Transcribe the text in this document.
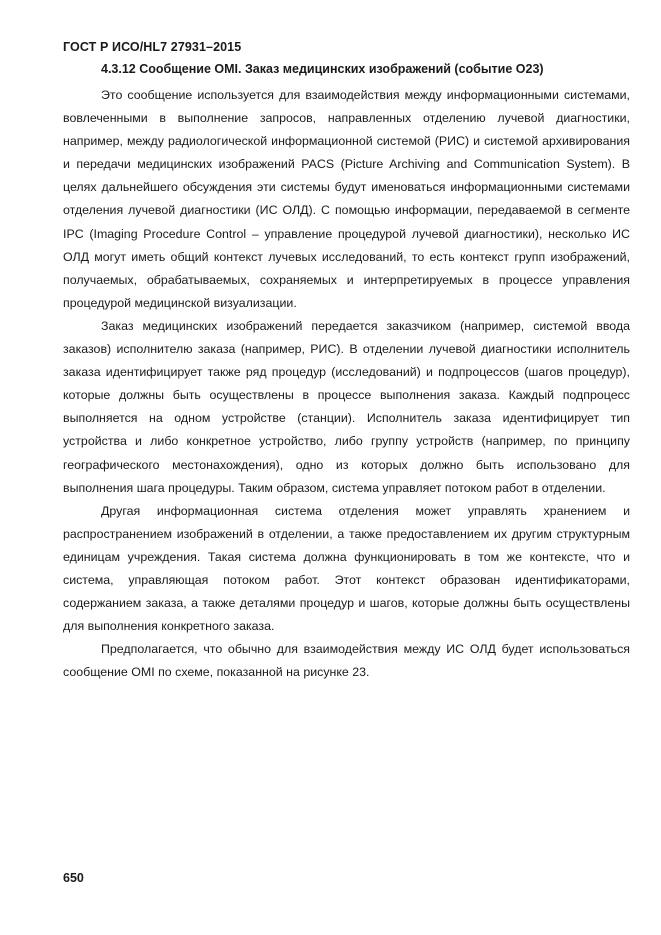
ГОСТ Р ИСО/HL7 27931–2015
4.3.12 Сообщение OMI. Заказ медицинских изображений (событие O23)

Это сообщение используется для взаимодействия между информационными системами, вовлеченными в выполнение запросов, направленных отделению лучевой диагностики, например, между радиологической информационной системой (РИС) и системой архивирования и передачи медицинских изображений PACS (Picture Archiving and Communication System). В целях дальнейшего обсуждения эти системы будут именоваться информационными системами отделения лучевой диагностики (ИС ОЛД). С помощью информации, передаваемой в сегменте IPC (Imaging Procedure Control – управление процедурой лучевой диагностики), несколько ИС ОЛД могут иметь общий контекст лучевых исследований, то есть контекст групп изображений, получаемых, обрабатываемых, сохраняемых и интерпретируемых в процессе управления процедурой медицинской визуализации.

Заказ медицинских изображений передается заказчиком (например, системой ввода заказов) исполнителю заказа (например, РИС). В отделении лучевой диагностики исполнитель заказа идентифицирует также ряд процедур (исследований) и подпроцессов (шагов процедур), которые должны быть осуществлены в процессе выполнения заказа. Каждый подпроцесс выполняется на одном устройстве (станции). Исполнитель заказа идентифицирует тип устройства и либо конкретное устройство, либо группу устройств (например, по принципу географического местонахождения), одно из которых должно быть использовано для выполнения шага процедуры. Таким образом, система управляет потоком работ в отделении.

Другая информационная система отделения может управлять хранением и распространением изображений в отделении, а также предоставлением их другим структурным единицам учреждения. Такая система должна функционировать в том же контексте, что и система, управляющая потоком работ. Этот контекст образован идентификаторами, содержанием заказа, а также деталями процедур и шагов, которые должны быть осуществлены для выполнения конкретного заказа.

Предполагается, что обычно для взаимодействия между ИС ОЛД будет использоваться сообщение OMI по схеме, показанной на рисунке 23.

650
